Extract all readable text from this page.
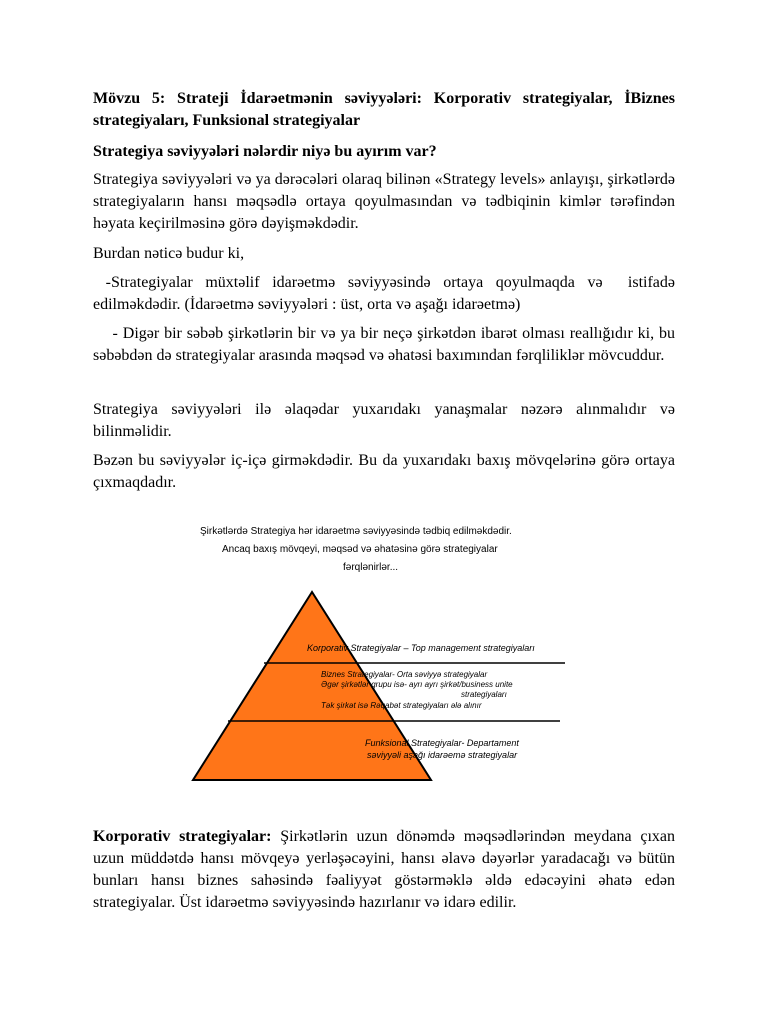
Mövzu 5: Strateji İdarəetmənin səviyyələri: Korporativ strategiyalar, İBiznes strategiyaları, Funksional strategiyalar

Strategiya səviyyələri nələrdir niyə bu ayırım var?

Strategiya səviyyələri və ya dərəcələri olaraq bilinən «Strategy levels» anlayışı, şirkətlərdə strategiyaların hansı məqsədlə ortaya qoyulmasından və tədbiqinin kimlər tərəfindən həyata keçirilməsinə görə dəyişməkdədir.

Burdan nəticə budur ki,

-Strategiyalar müxtəlif idarəetmə səviyyəsində ortaya qoyulmaqda və  istifadə edilməkdədir. (İdarəetmə səviyyələri : üst, orta və aşağı idarəetmə)

- Digər bir səbəb şirkətlərin bir və ya bir neçə şirkətdən ibarət olması reallığıdır ki, bu səbəbdən də strategiyalar arasında məqsəd və əhatəsi baxımından fərqliliklər mövcuddur.

Strategiya səviyyələri ilə əlaqədar yuxarıdakı yanaşmalar nəzərə alınmalıdır və bilinməlidir.

Bəzən bu səviyyələr iç-içə girməkdədir. Bu da yuxarıdakı baxış mövqelərinə görə ortaya çıxmaqdadır.

Şirkətlərdə Strategiya hər idarəetmə səviyyəsində tədbiq edilməkdədir.
Ancaq baxış mövqeyi, məqsəd və əhatəsinə görə strategiyalar
fərqlənirlər...
Korporativ Strategiyalar – Top management strategiyaları
Biznes Strategiyalar- Orta səviyyə strategiyalar
Əgər şirkətlər qrupu isə- ayrı ayrı şirkət/business unite
strategiyaları
Tək şirkət isə Rəqabət strategiyaları ələ alınır
Funksional Strategiyalar- Departament
səviyyəli aşağı idarəemə strategiyalar

Korporativ strategiyalar: Şirkətlərin uzun dönəmdə məqsədlərindən meydana çıxan uzun müddətdə hansı mövqeyə yerləşəcəyini, hansı əlavə dəyərlər yaradacağı və bütün bunları hansı biznes sahəsində fəaliyyət göstərməklə əldə edəcəyini əhatə edən strategiyalar. Üst idarəetmə səviyyəsində hazırlanır və idarə edilir.
